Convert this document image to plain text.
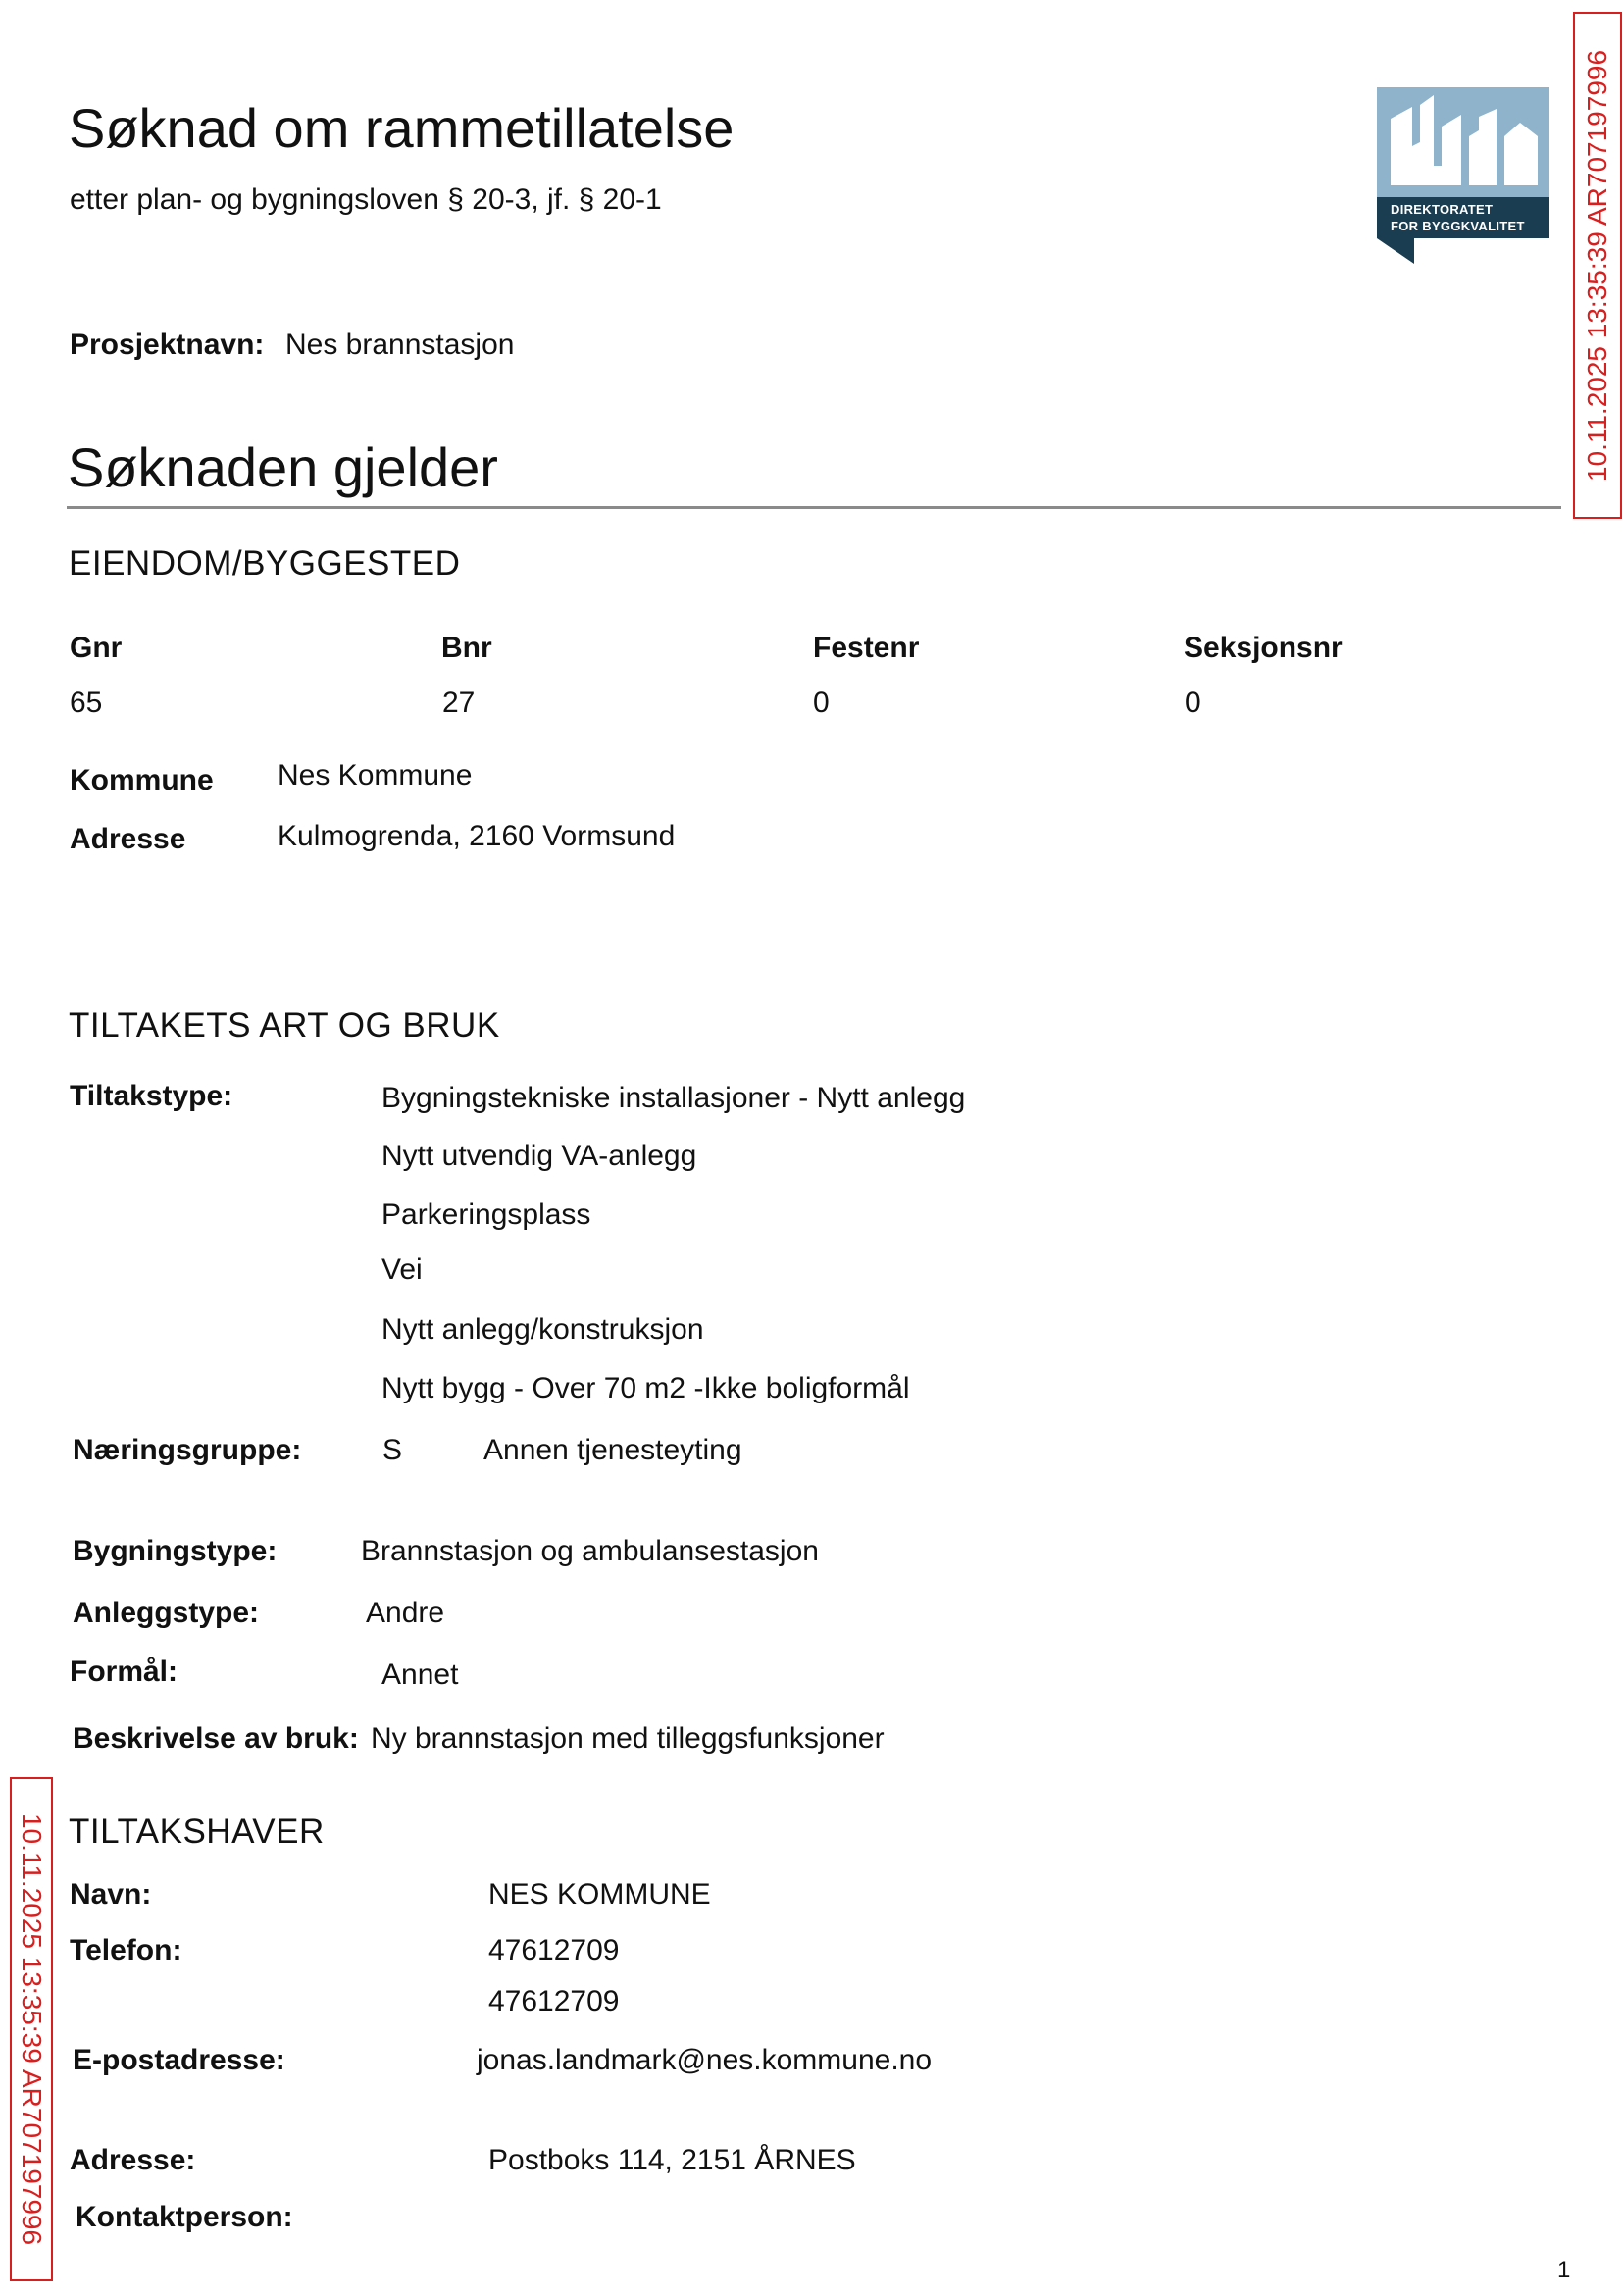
Søknad om rammetillatelse
etter plan- og bygningsloven § 20-3, jf. § 20-1	DIREKTORATET
FOR BYGGKVALITET 10.11.2025 13:35:39 AR707197996
10.11.2025 13:35:39 AR707197996
Prosjektnavn: Nes brannstasjon
Søknaden gjelder
EIENDOM/BYGGESTED
Gnr	Bnr	Festenr	Seksjonsnr
65	27	0	0
Kommune Nes Kommune
Adresse	Kulmogrenda, 2160 Vormsund
TILTAKETS ART OG BRUK
Tiltakstype:	Bygningstekniske installasjoner - Nytt anlegg
Nytt utvendig VA-anlegg
Parkeringsplass
Vei
Nytt anlegg/konstruksjon
Nytt bygg - Over 70 m2 -Ikke boligformål
Næringsgruppe:	S	Annen tjenesteyting
Bygningstype:	Brannstasjon og ambulansestasjon
Anleggstype:	Andre
Formål:	Annet
Beskrivelse av bruk: Ny brannstasjon med tilleggsfunksjoner
TILTAKSHAVER
Navn:	NES KOMMUNE
Telefon:	47612709
47612709
E-postadresse:	jonas.landmark@nes.kommune.no
Adresse:	Postboks 114, 2151 ÅRNES
Kontaktperson:
1
